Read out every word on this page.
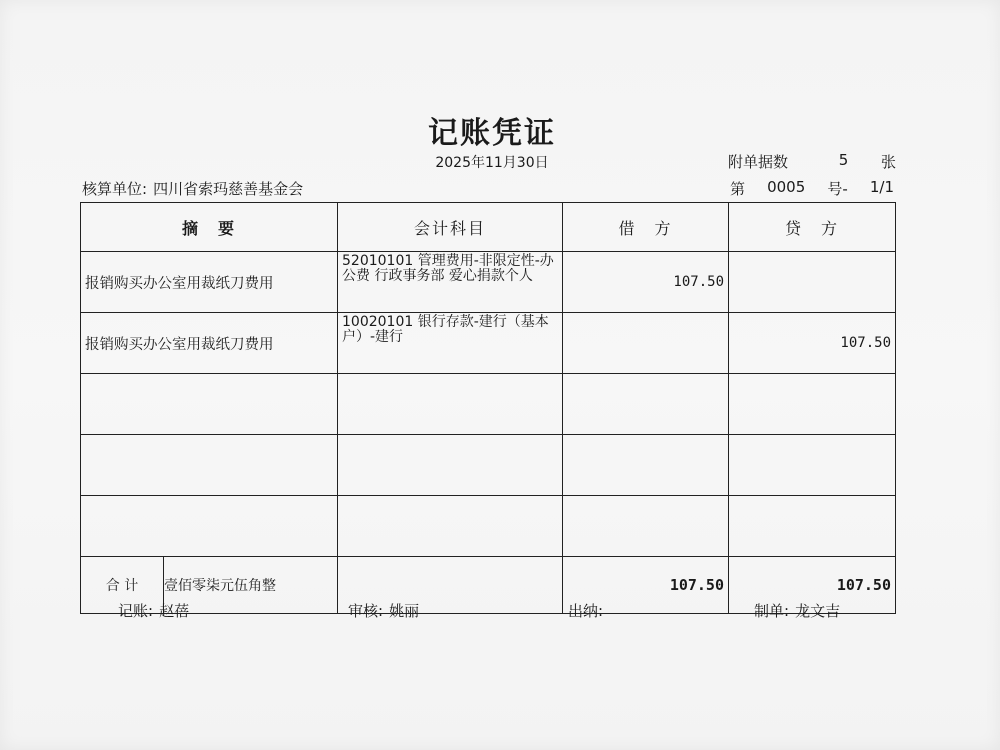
记账凭证
2025年11月30日	附单据数	5 张
核算单位: 四川省索玛慈善基金会	第 0005 号- 1/1
摘　要	会计科目	借　方	贷　方
报销购买办公室用裁纸刀费用	52010101 管理费用-非限定性-办公费 行政事务部 爱心捐款个人	107.50	
报销购买办公室用裁纸刀费用	10020101 银行存款-建行（基本户）-建行		107.50

合 计 壹佰零柒元伍角整		107.50	107.50
记账: 赵蓓	审核: 姚丽	出纳:	制单: 龙文吉
